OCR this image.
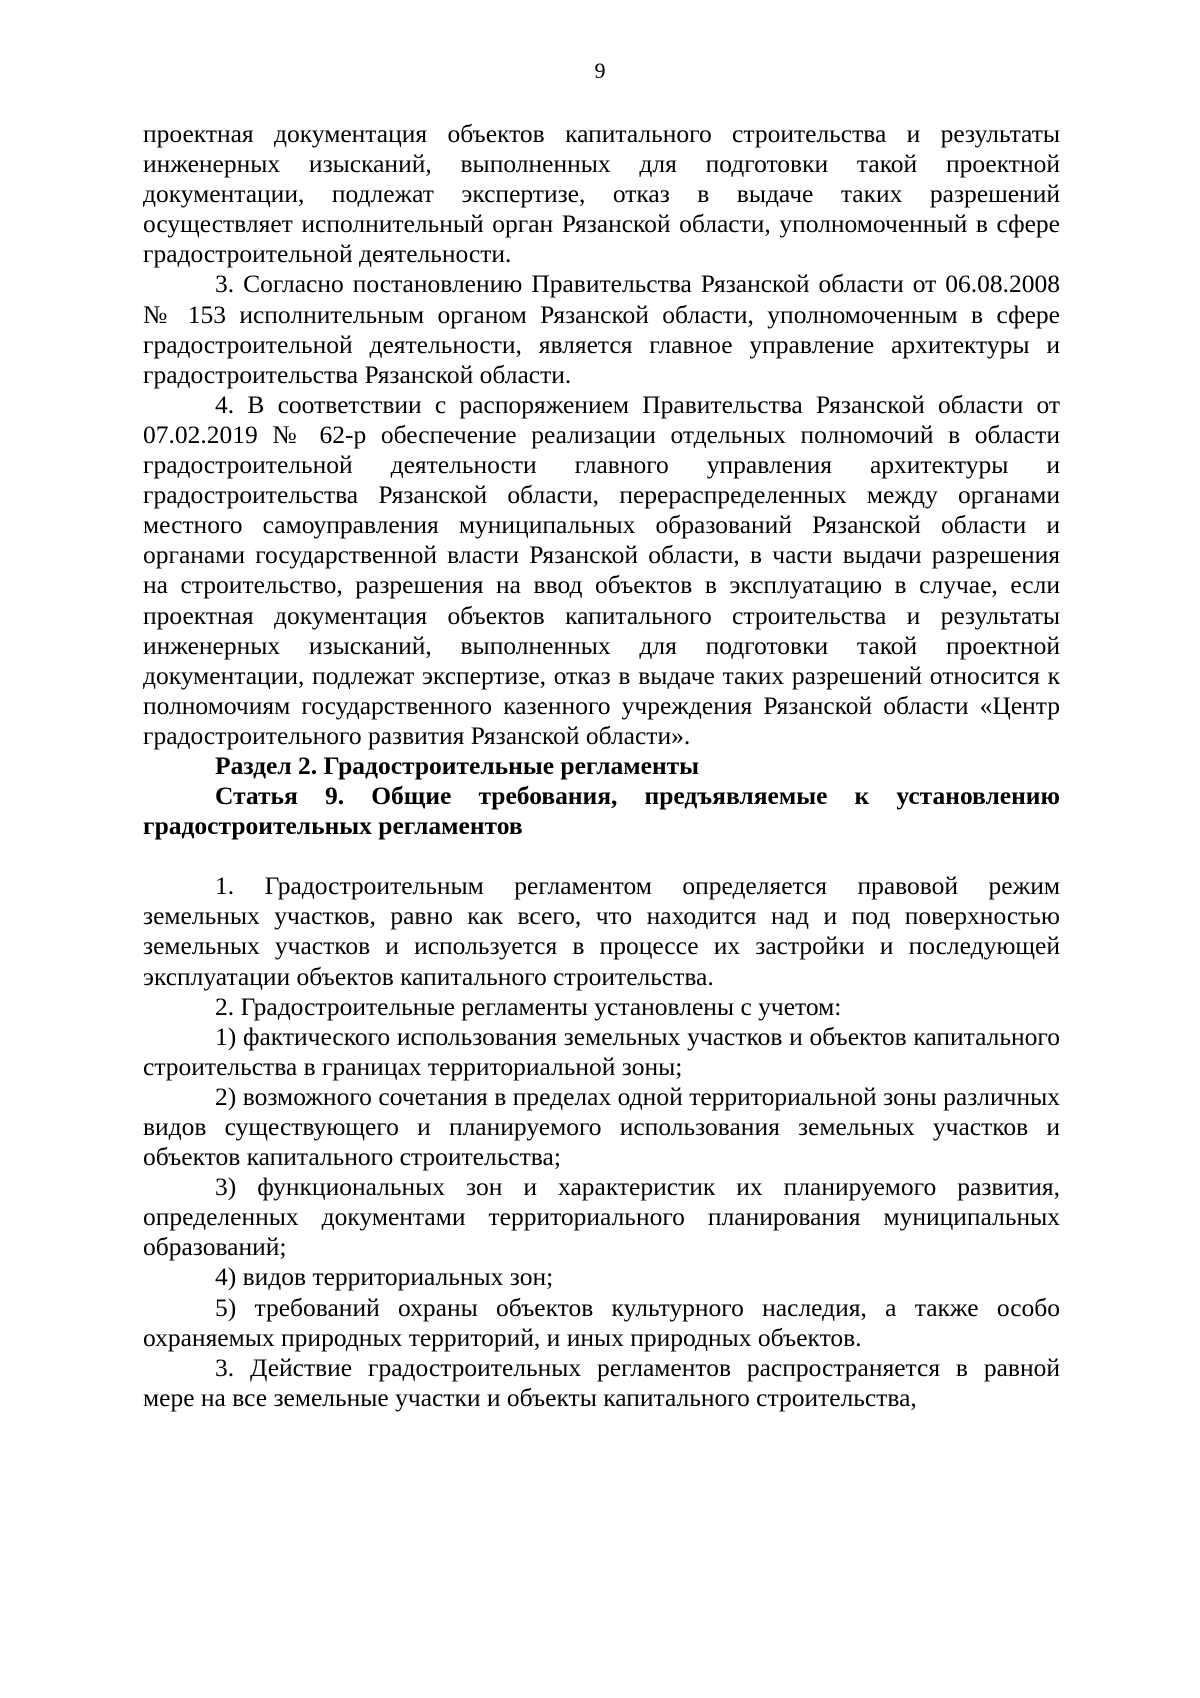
9

проектная документация объектов капитального строительства и результаты инженерных изысканий, выполненных для подготовки такой проектной документации, подлежат экспертизе, отказ в выдаче таких разрешений осуществляет исполнительный орган Рязанской области, уполномоченный в сфере градостроительной деятельности.

3. Согласно постановлению Правительства Рязанской области от 06.08.2008 № 153 исполнительным органом Рязанской области, уполномоченным в сфере градостроительной деятельности, является главное управление архитектуры и градостроительства Рязанской области.

4. В соответствии с распоряжением Правительства Рязанской области от 07.02.2019 № 62-р обеспечение реализации отдельных полномочий в области градостроительной деятельности главного управления архитектуры и градостроительства Рязанской области, перераспределенных между органами местного самоуправления муниципальных образований Рязанской области и органами государственной власти Рязанской области, в части выдачи разрешения на строительство, разрешения на ввод объектов в эксплуатацию в случае, если проектная документация объектов капитального строительства и результаты инженерных изысканий, выполненных для подготовки такой проектной документации, подлежат экспертизе, отказ в выдаче таких разрешений относится к полномочиям государственного казенного учреждения Рязанской области «Центр градостроительного развития Рязанской области».

Раздел 2. Градостроительные регламенты

Статья 9. Общие требования, предъявляемые к установлению градостроительных регламентов

1. Градостроительным регламентом определяется правовой режим земельных участков, равно как всего, что находится над и под поверхностью земельных участков и используется в процессе их застройки и последующей эксплуатации объектов капитального строительства.

2. Градостроительные регламенты установлены с учетом:

1) фактического использования земельных участков и объектов капитального строительства в границах территориальной зоны;

2) возможного сочетания в пределах одной территориальной зоны различных видов существующего и планируемого использования земельных участков и объектов капитального строительства;

3) функциональных зон и характеристик их планируемого развития, определенных документами территориального планирования муниципальных образований;

4) видов территориальных зон;

5) требований охраны объектов культурного наследия, а также особо охраняемых природных территорий, и иных природных объектов.

3. Действие градостроительных регламентов распространяется в равной мере на все земельные участки и объекты капитального строительства,
